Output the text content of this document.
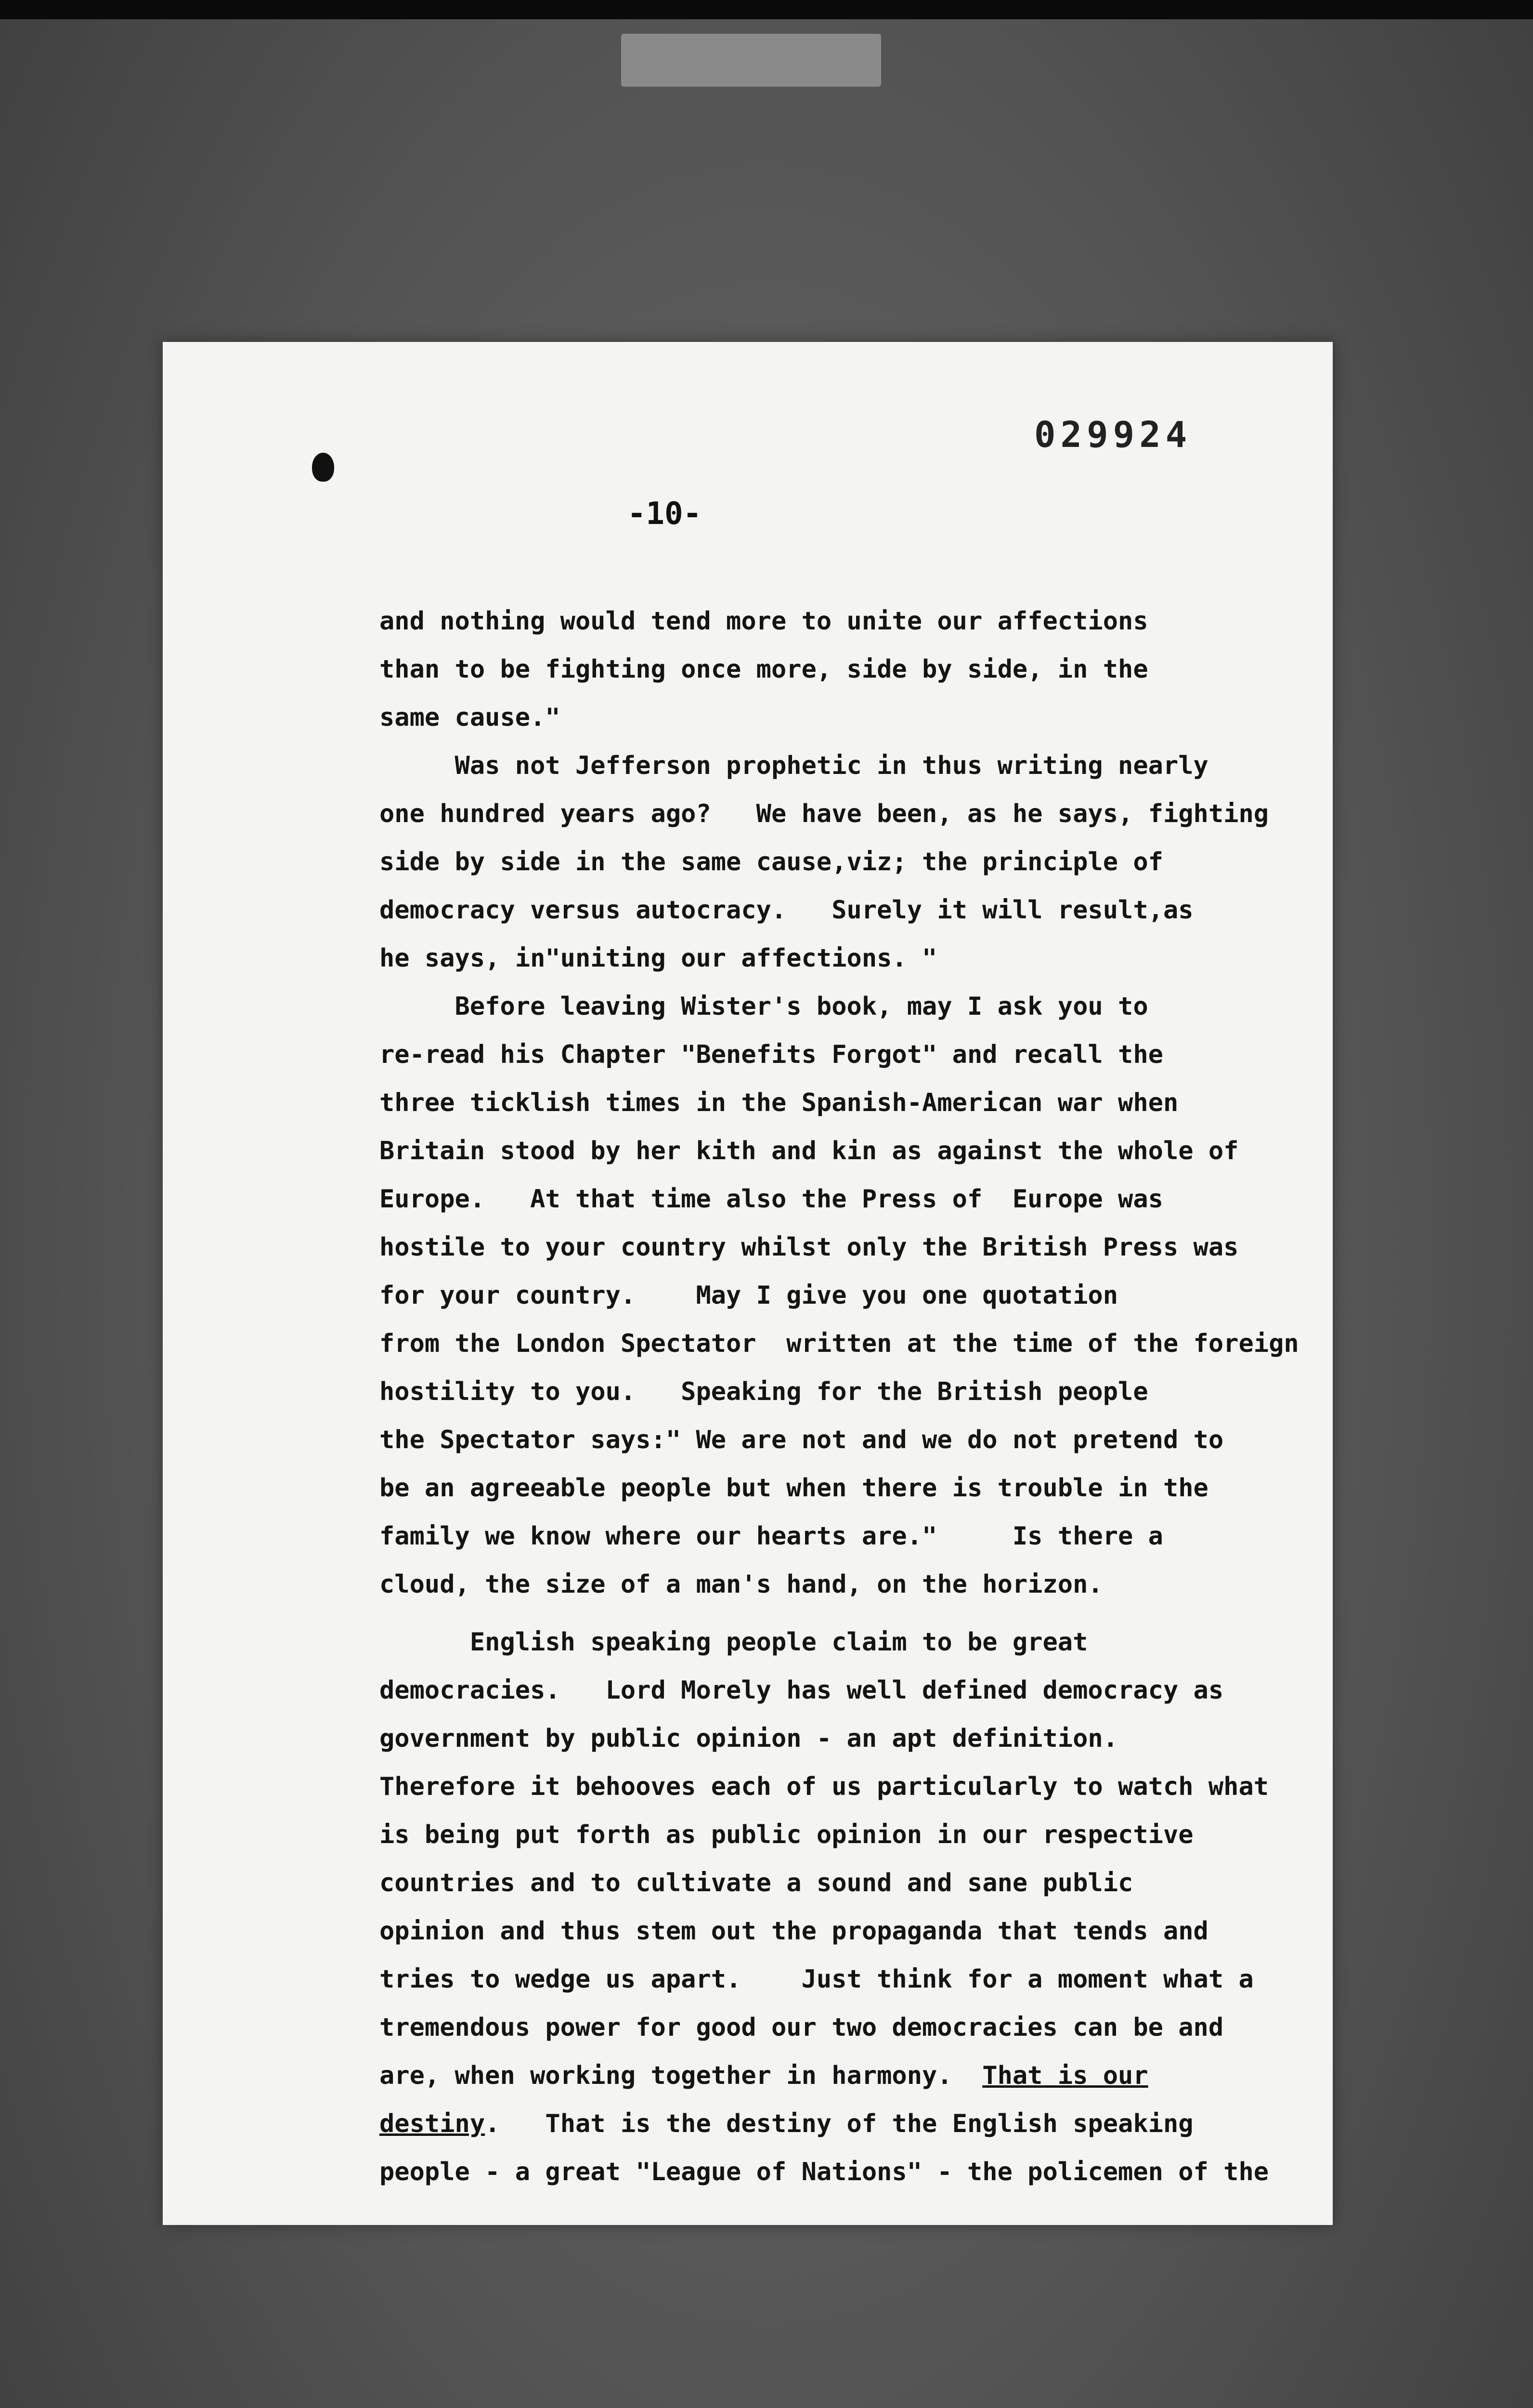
029924
-10-
and nothing would tend more to unite our affections
than to be fighting once more, side by side, in the
same cause."
Was not Jefferson prophetic in thus writing nearly
one hundred years ago?   We have been, as he says, fighting
side by side in the same cause,viz; the principle of
democracy versus autocracy.   Surely it will result,as
he says, in"uniting our affections. "
Before leaving Wister's book, may I ask you to
re-read his Chapter "Benefits Forgot" and recall the
three ticklish times in the Spanish-American war when
Britain stood by her kith and kin as against the whole of
Europe.   At that time also the Press of  Europe was
hostile to your country whilst only the British Press was
for your country.    May I give you one quotation
from the London Spectator  written at the time of the foreign
hostility to you.   Speaking for the British people
the Spectator says:" We are not and we do not pretend to
be an agreeable people but when there is trouble in the
family we know where our hearts are."     Is there a
cloud, the size of a man's hand, on the horizon.
English speaking people claim to be great
democracies.   Lord Morely has well defined democracy as
government by public opinion - an apt definition.
Therefore it behooves each of us particularly to watch what
is being put forth as public opinion in our respective
countries and to cultivate a sound and sane public
opinion and thus stem out the propaganda that tends and
tries to wedge us apart.    Just think for a moment what a
tremendous power for good our two democracies can be and
are, when working together in harmony.  That is our
destiny.   That is the destiny of the English speaking
people - a great "League of Nations" - the policemen of the
